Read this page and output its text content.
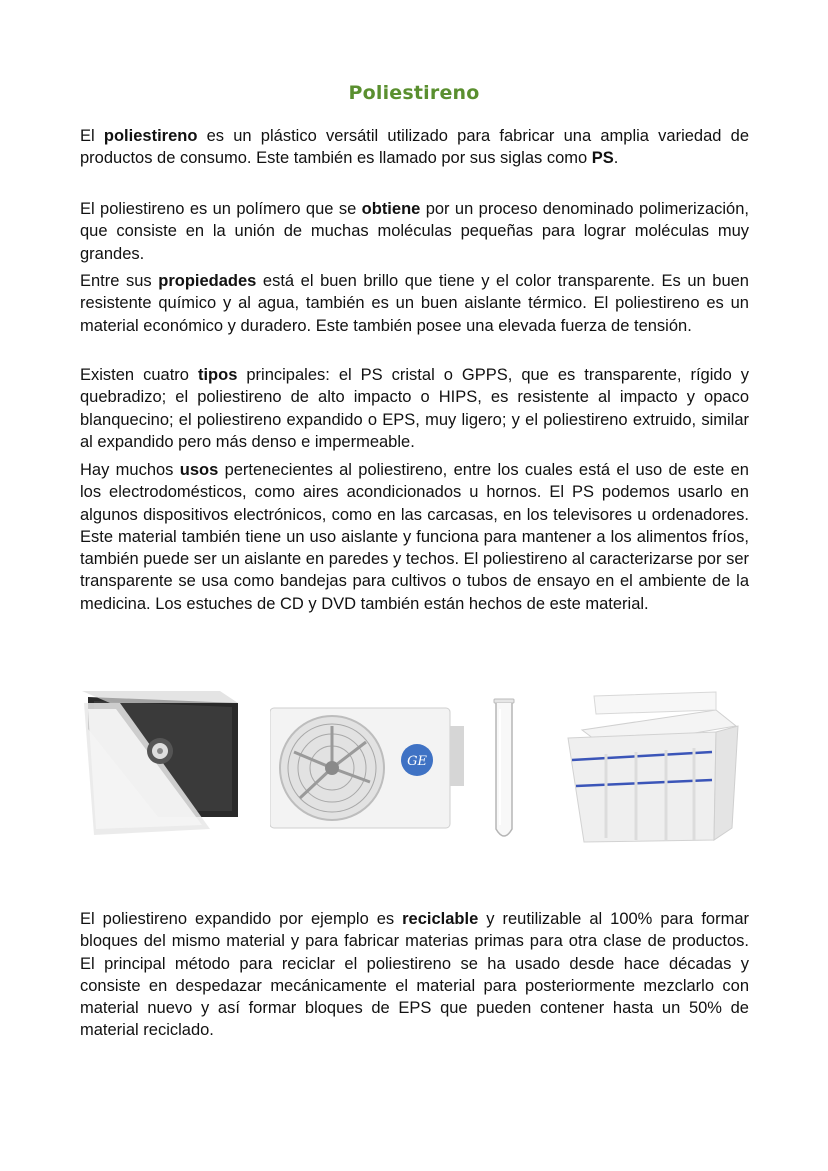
Poliestireno

El poliestireno es un plástico versátil utilizado para fabricar una amplia variedad de productos de consumo. Este también es llamado por sus siglas como PS.

El poliestireno es un polímero que se obtiene por un proceso denominado polimerización, que consiste en la unión de muchas moléculas pequeñas para lograr moléculas muy grandes.

Entre sus propiedades está el buen brillo que tiene y el color transparente. Es un buen resistente químico y al agua, también es un buen aislante térmico. El poliestireno es un material económico y duradero. Este también posee una elevada fuerza de tensión.

Existen cuatro tipos principales: el PS cristal o GPPS, que es transparente, rígido y quebradizo; el poliestireno de alto impacto o HIPS, es resistente al impacto y opaco blanquecino; el poliestireno expandido o EPS, muy ligero; y el poliestireno extruido, similar al expandido pero más denso e impermeable.

Hay muchos usos pertenecientes al poliestireno, entre los cuales está el uso de este en los electrodomésticos, como aires acondicionados u hornos. El PS podemos usarlo en algunos dispositivos electrónicos, como en las carcasas, en los televisores u ordenadores. Este material también tiene un uso aislante y funciona para mantener a los alimentos fríos, también puede ser un aislante en paredes y techos. El poliestireno al caracterizarse por ser transparente se usa como bandejas para cultivos o tubos de ensayo en el ambiente de la medicina. Los estuches de CD y DVD también están hechos de este material.

GE

El poliestireno expandido por ejemplo es reciclable y reutilizable al 100% para formar bloques del mismo material y para fabricar materias primas para otra clase de productos. El principal método para reciclar el poliestireno se ha usado desde hace décadas y consiste en despedazar mecánicamente el material para posteriormente mezclarlo con material nuevo y así formar bloques de EPS que pueden contener hasta un 50% de material reciclado.
